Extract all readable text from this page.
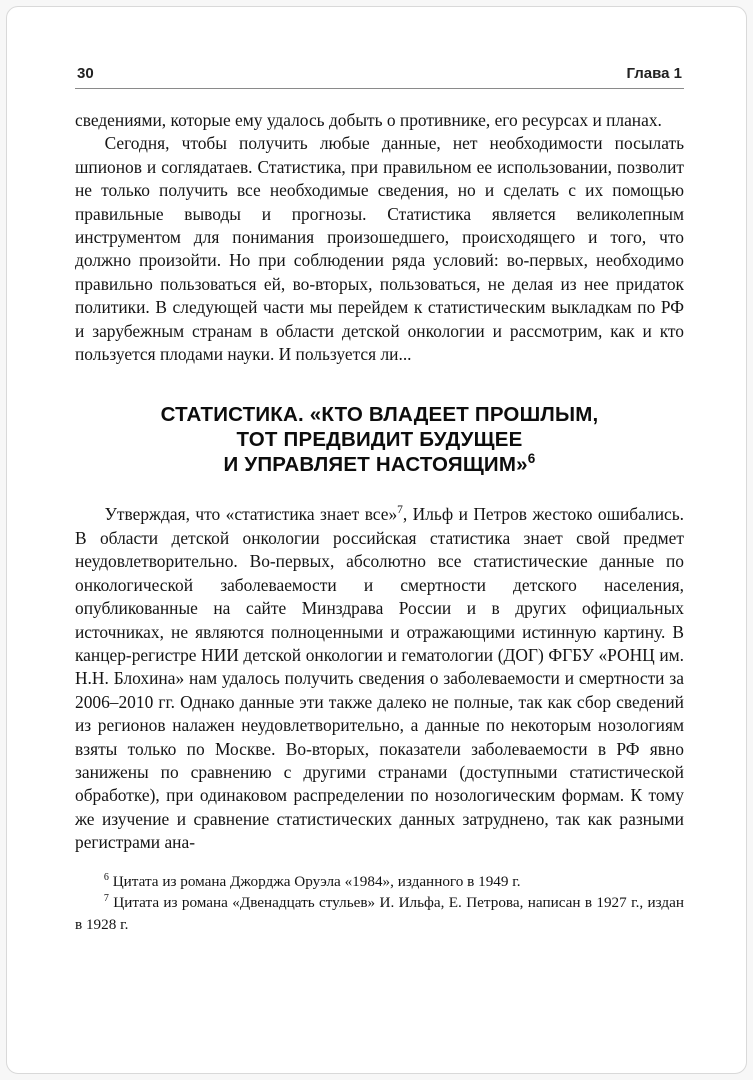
30	Глава 1

сведениями, которые ему удалось добыть о противнике, его ресурсах и планах.

Сегодня, чтобы получить любые данные, нет необходимости посылать шпионов и соглядатаев. Статистика, при правильном ее использовании, позволит не только получить все необходимые сведения, но и сделать с их помощью правильные выводы и прогнозы. Статистика является великолепным инструментом для понимания произошедшего, происходящего и того, что должно произойти. Но при соблюдении ряда условий: во-первых, необходимо правильно пользоваться ей, во-вторых, пользоваться, не делая из нее придаток политики. В следующей части мы перейдем к статистическим выкладкам по РФ и зарубежным странам в области детской онкологии и рассмотрим, как и кто пользуется плодами науки. И пользуется ли...

СТАТИСТИКА. «КТО ВЛАДЕЕТ ПРОШЛЫМ,
ТОТ ПРЕДВИДИТ БУДУЩЕЕ
И УПРАВЛЯЕТ НАСТОЯЩИМ»$^6$

Утверждая, что «статистика знает все»$^7$, Ильф и Петров жестоко ошибались. В области детской онкологии российская статистика знает свой предмет неудовлетворительно. Во-первых, абсолютно все статистические данные по онкологической заболеваемости и смертности детского населения, опубликованные на сайте Минздрава России и в других официальных источниках, не являются полноценными и отражающими истинную картину. В канцер-регистре НИИ детской онкологии и гематологии (ДОГ) ФГБУ «РОНЦ им. Н.Н. Блохина» нам удалось получить сведения о заболеваемости и смертности за 2006–2010 гг. Однако данные эти также далеко не полные, так как сбор сведений из регионов налажен неудовлетворительно, а данные по некоторым нозологиям взяты только по Москве. Во-вторых, показатели заболеваемости в РФ явно занижены по сравнению с другими странами (доступными статистической обработке), при одинаковом распределении по нозологическим формам. К тому же изучение и сравнение статистических данных затруднено, так как разными регистрами ана-

$^6$ Цитата из романа Джорджа Оруэла «1984», изданного в 1949 г.

$^7$ Цитата из романа «Двенадцать стульев» И. Ильфа, Е. Петрова, написан в 1927 г., издан в 1928 г.
